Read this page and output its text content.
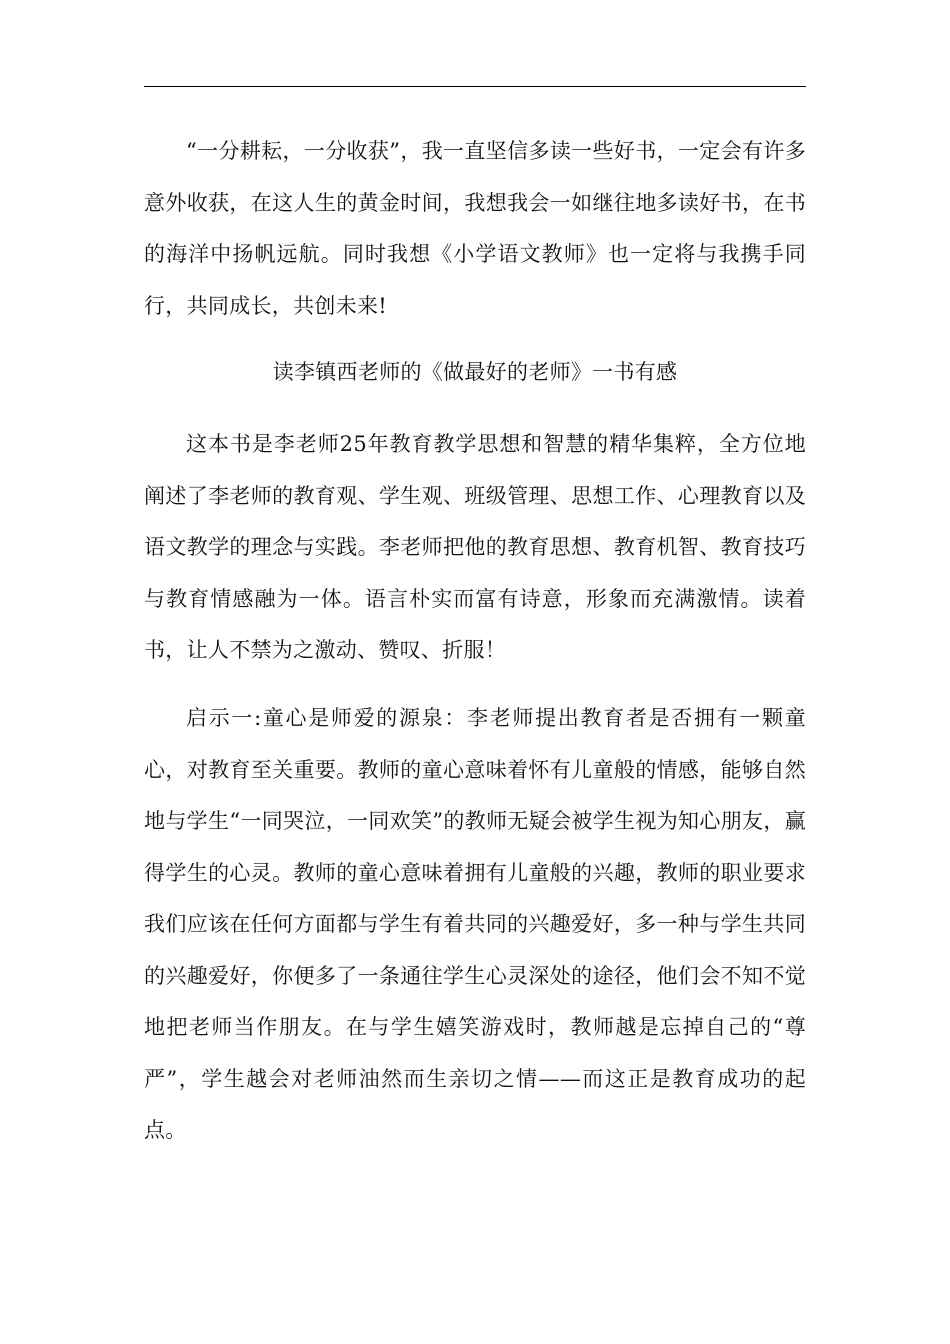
“一分耕耘，一分收获”，我一直坚信多读一些好书，一定会有许多意外收获，在这人生的黄金时间，我想我会一如继往地多读好书，在书的海洋中扬帆远航。同时我想《小学语文教师》也一定将与我携手同行，共同成长，共创未来!

读李镇西老师的《做最好的老师》一书有感

这本书是李老师25年教育教学思想和智慧的精华集粹，全方位地阐述了李老师的教育观、学生观、班级管理、思想工作、心理教育以及语文教学的理念与实践。李老师把他的教育思想、教育机智、教育技巧与教育情感融为一体。语言朴实而富有诗意，形象而充满激情。读着书，让人不禁为之激动、赞叹、折服！

启示一:童心是师爱的源泉：李老师提出教育者是否拥有一颗童心，对教育至关重要。教师的童心意味着怀有儿童般的情感，能够自然地与学生“一同哭泣，一同欢笑”的教师无疑会被学生视为知心朋友，赢得学生的心灵。教师的童心意味着拥有儿童般的兴趣，教师的职业要求我们应该在任何方面都与学生有着共同的兴趣爱好，多一种与学生共同的兴趣爱好，你便多了一条通往学生心灵深处的途径，他们会不知不觉地把老师当作朋友。在与学生嬉笑游戏时，教师越是忘掉自己的“尊严”，学生越会对老师油然而生亲切之情——而这正是教育成功的起点。
